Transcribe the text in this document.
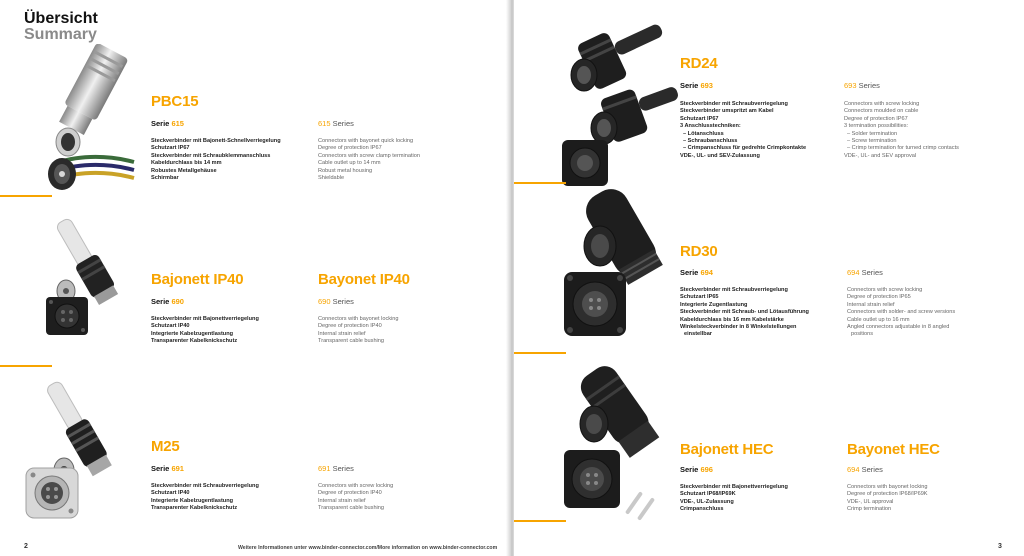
Übersicht
Summary
PBC15
Serie 615	615 Series
Steckverbinder mit Bajonett-Schnellverriegelung
Schutzart IP67
Steckverbinder mit Schraubklemmanschluss
Kabeldurchlass bis 14 mm
Robustes Metallgehäuse
Schirmbar
Connectors with bayonet quick locking
Degree of protection IP67
Connectors with screw clamp termination
Cable outlet up to 14 mm
Robust metal housing
Shieldable
Bajonett IP40	Bayonet IP40
Serie 690	690 Series
Steckverbinder mit Bajonettverriegelung
Schutzart IP40
Integrierte Kabelzugentlastung
Transparenter Kabelknickschutz
Connectors with bayonet locking
Degree of protection IP40
Internal strain relief
Transparent cable bushing
M25
Serie 691	691 Series
Steckverbinder mit Schraubverriegelung
Schutzart IP40
Integrierte Kabelzugentlastung
Transparenter Kabelknickschutz
Connectors with screw locking
Degree of protection IP40
Internal strain relief
Transparent cable bushing
2	Weitere Informationen unter www.binder-connector.com/More information on www.binder-connector.com
RD24
Serie 693	693 Series
Steckverbinder mit Schraubverriegelung
Steckverbinder umspritzt am Kabel
Schutzart IP67
3 Anschlusstechniken:
– Lötanschluss
– Schraubanschluss
– Crimpanschluss für gedrehte Crimpkontakte
VDE-, UL- und SEV-Zulassung
Connectors with screw locking
Connectors moulded on cable
Degree of protection IP67
3 termination possibilities:
– Solder termination
– Screw termination
– Crimp termination for turned crimp contacts
VDE-, UL- and SEV approval
RD30
Serie 694	694 Series
Steckverbinder mit Schraubverriegelung
Schutzart IP65
Integrierte Zugentlastung
Steckverbinder mit Schraub- und Lötausführung
Kabeldurchlass bis 16 mm Kabelstärke
Winkelsteckverbinder in 8 Winkelstellungen
einstellbar
Connectors with screw locking
Degree of protection IP65
Internal strain relief
Connectors with solder- and screw versions
Cable outlet up to 16 mm
Angled connectors adjustable in 8 angled
positions
Bajonett HEC	Bayonet HEC
Serie 696	694 Series
Steckverbinder mit Bajonettverriegelung
Schutzart IP68/IP69K
VDE-, UL-Zulassung
Crimpanschluss
Connectors with bayonet locking
Degree of protection IP68/IP69K
VDE-, UL approval
Crimp termination
3
